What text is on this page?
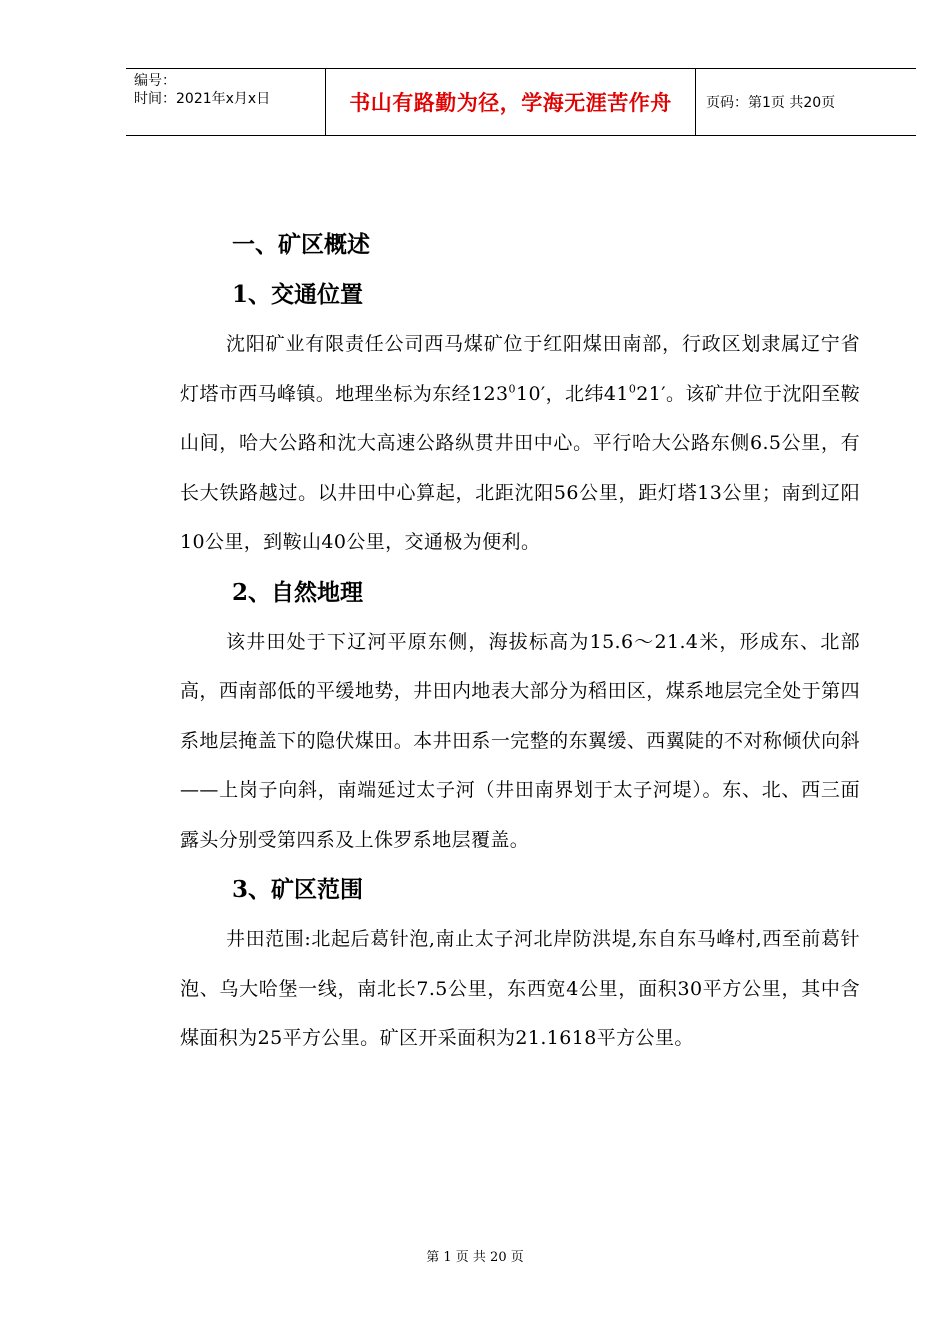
编号：
时间：2021年x月x日	书山有路勤为径，学海无涯苦作舟	页码：第1页 共20页
一、矿区概述
1、交通位置

沈阳矿业有限责任公司西马煤矿位于红阳煤田南部，行政区划隶属辽宁省灯塔市西马峰镇。地理坐标为东经$123^010'$，北纬$41^021'$。该矿井位于沈阳至鞍山间，哈大公路和沈大高速公路纵贯井田中心。平行哈大公路东侧6.5公里，有长大铁路越过。以井田中心算起，北距沈阳56公里，距灯塔13公里；南到辽阳10公里，到鞍山40公里，交通极为便利。

2、自然地理

该井田处于下辽河平原东侧，海拔标高为15.6～21.4米，形成东、北部高，西南部低的平缓地势，井田内地表大部分为稻田区，煤系地层完全处于第四系地层掩盖下的隐伏煤田。本井田系一完整的东翼缓、西翼陡的不对称倾伏向斜——上岗子向斜，南端延过太子河（井田南界划于太子河堤）。东、北、西三面露头分别受第四系及上侏罗系地层覆盖。

3、矿区范围

井田范围:北起后葛针泡,南止太子河北岸防洪堤,东自东马峰村,西至前葛针泡、乌大哈堡一线，南北长7.5公里，东西宽4公里，面积30平方公里，其中含煤面积为25平方公里。矿区开采面积为21.1618平方公里。

第 1 页 共 20 页
